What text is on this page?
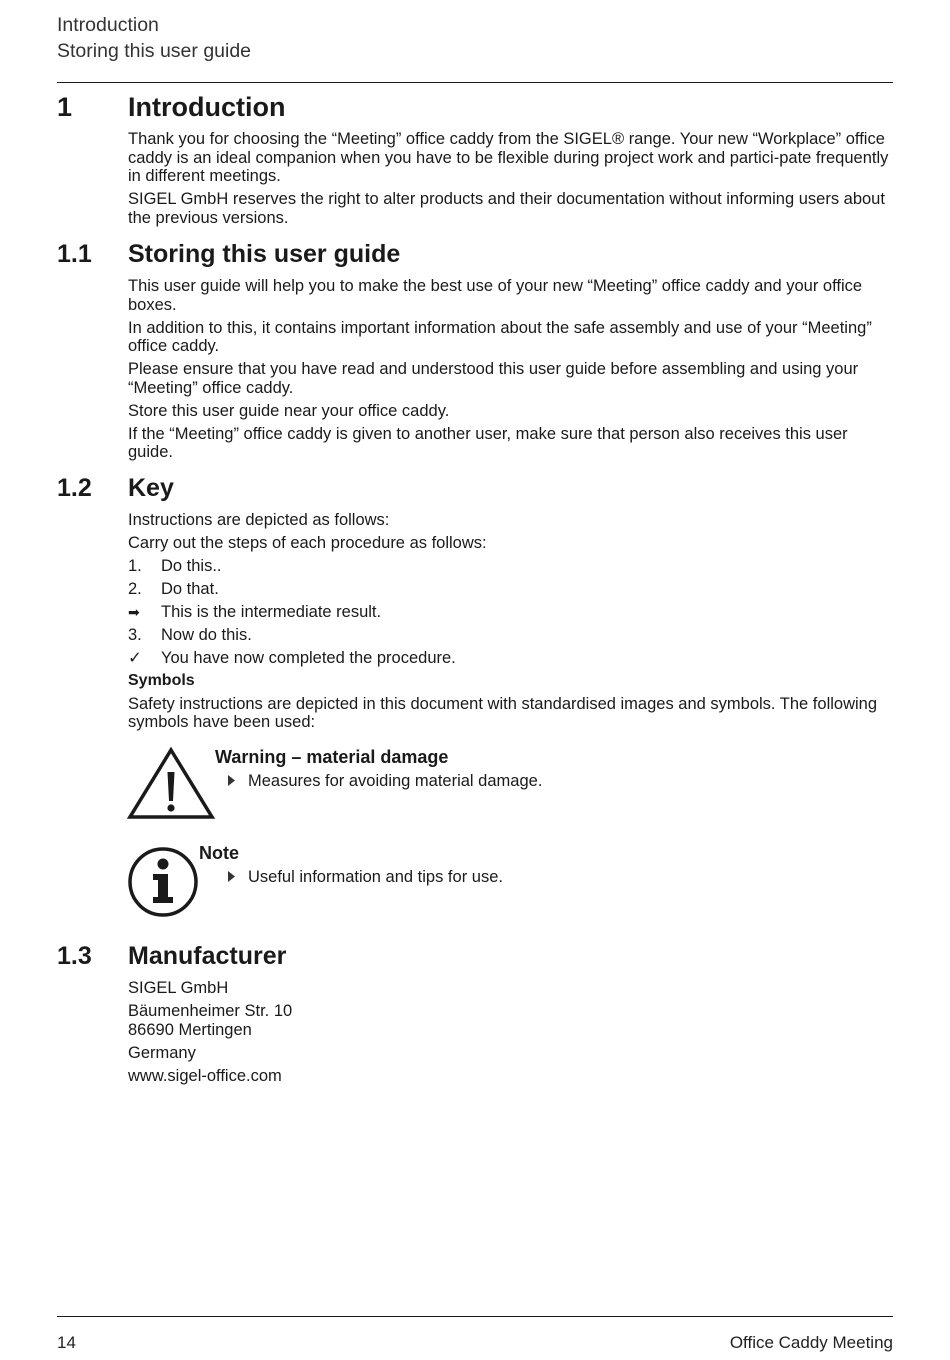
Introduction
Storing this user guide
1 Introduction

Thank you for choosing the “Meeting” office caddy from the SIGEL® range. Your new “Workplace” office caddy is an ideal companion when you have to be flexible during project work and partici-pate frequently in different meetings.

SIGEL GmbH reserves the right to alter products and their documentation without informing users about the previous versions.

1.1 Storing this user guide

This user guide will help you to make the best use of your new “Meeting” office caddy and your office boxes.

In addition to this, it contains important information about the safe assembly and use of your “Meeting” office caddy.

Please ensure that you have read and understood this user guide before assembling and using your “Meeting” office caddy.

Store this user guide near your office caddy.

If the “Meeting” office caddy is given to another user, make sure that person also receives this user guide.

1.2 Key

Instructions are depicted as follows:

Carry out the steps of each procedure as follows:

1.	Do this..
2.	Do that.
➡	This is the intermediate result.
3.	Now do this.
✓	You have now completed the procedure.
Symbols

Safety instructions are depicted in this document with standardised images and symbols. The following symbols have been used:

Warning – material damage
Measures for avoiding material damage.
Note
Useful information and tips for use.
1.3 Manufacturer

SIGEL GmbH

Bäumenheimer Str. 10

86690 Mertingen

Germany

www.sigel-office.com

14	Office Caddy Meeting
